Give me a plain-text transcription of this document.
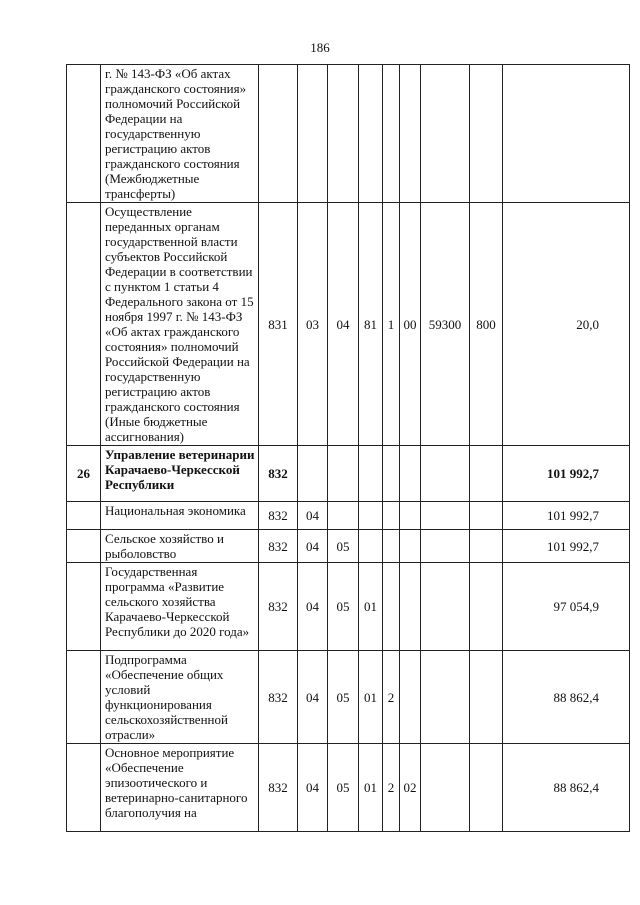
186
	г. № 143-ФЗ «Об актах гражданского состояния» полномочий Российской Федерации на государственную регистрацию актов гражданского состояния (Межбюджетные трансферты)									
	Осуществление переданных органам государственной власти субъектов Российской Федерации в соответствии с пунктом 1 статьи 4 Федерального закона от 15 ноября 1997 г. № 143-ФЗ «Об актах гражданского состояния» полномочий Российской Федерации на государственную регистрацию актов гражданского состояния (Иные бюджетные ассигнования)	831	03	04	81	1	00	59300	800	20,0
26	Управление ветеринарии Карачаево-Черкесской Республики	832								101 992,7
	Национальная экономика	832	04							101 992,7
	Сельское хозяйство и рыболовство	832	04	05						101 992,7
	Государственная программа «Развитие сельского хозяйства Карачаево-Черкесской Республики до 2020 года»	832	04	05	01					97 054,9
	Подпрограмма «Обеспечение общих условий функционирования сельскохозяйственной отрасли»	832	04	05	01	2				88 862,4
	Основное мероприятие «Обеспечение эпизоотического и ветеринарно-санитарного благополучия на	832	04	05	01	2	02			88 862,4
